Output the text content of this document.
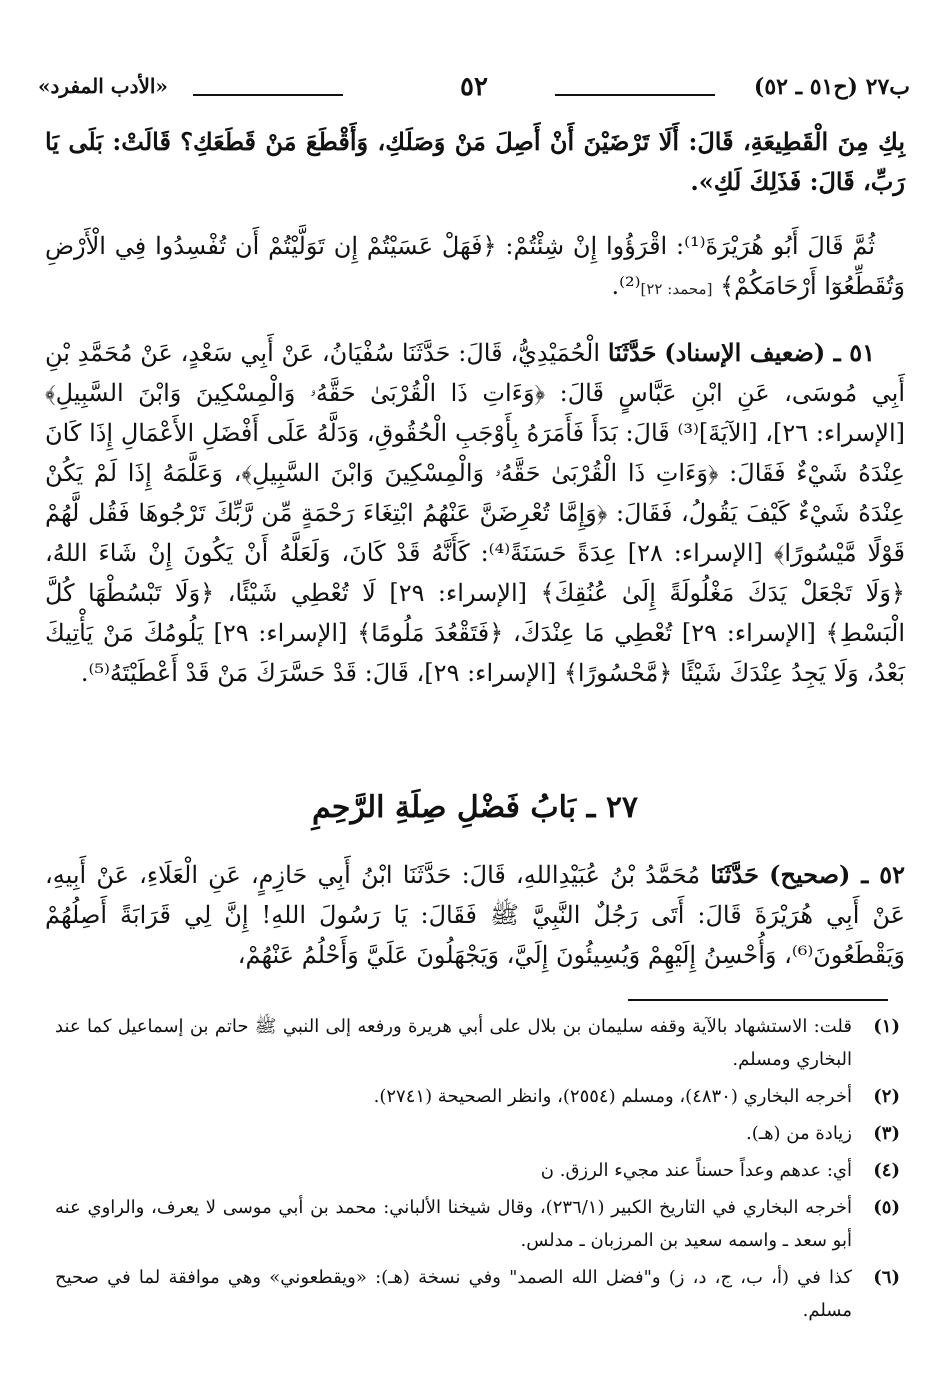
ب٢٧ (ح٥١ ـ ٥٢)
٥٢
«الأدب المفرد»

بِكِ مِنَ الْقَطِيعَةِ، قَالَ: أَلَا تَرْضَيْنَ أَنْ أَصِلَ مَنْ وَصَلَكِ، وَأَقْطَعَ مَنْ قَطَعَكِ؟ قَالَتْ: بَلَى يَا رَبِّ، قَالَ: فَذَلِكَ لَكِ».

ثُمَّ قَالَ أَبُو هُرَيْرَةَ⁽¹⁾: اقْرَؤُوا إِنْ شِئْتُمْ: ﴿فَهَلْ عَسَيْتُمْ إِن تَوَلَّيْتُمْ أَن تُفْسِدُوا فِي الْأَرْضِ وَتُقَطِّعُوٓا أَرْحَامَكُمْ﴾ [محمد: ٢٢]⁽²⁾.

٥١ ـ (ضعيف الإسناد) حَدَّثَنَا الْحُمَيْدِيُّ، قَالَ: حَدَّثَنَا سُفْيَانُ، عَنْ أَبِي سَعْدٍ، عَنْ مُحَمَّدِ بْنِ أَبِي مُوسَى، عَنِ ابْنِ عَبَّاسٍ قَالَ: ﴿وَءَاتِ ذَا الْقُرْبَىٰ حَقَّهُۥ وَالْمِسْكِينَ وَابْنَ السَّبِيلِ﴾ [الإسراء: ٢٦]، [الآيَةَ]⁽³⁾ قَالَ: بَدَأَ فَأَمَرَهُ بِأَوْجَبِ الْحُقُوقِ، وَدَلَّهُ عَلَى أَفْضَلِ الأَعْمَالِ إِذَا كَانَ عِنْدَهُ شَيْءٌ فَقَالَ: ﴿وَءَاتِ ذَا الْقُرْبَىٰ حَقَّهُۥ وَالْمِسْكِينَ وَابْنَ السَّبِيلِ﴾، وَعَلَّمَهُ إِذَا لَمْ يَكُنْ عِنْدَهُ شَيْءٌ كَيْفَ يَقُولُ، فَقَالَ: ﴿وَإِمَّا تُعْرِضَنَّ عَنْهُمُ ابْتِغَاءَ رَحْمَةٍ مِّن رَّبِّكَ تَرْجُوهَا فَقُل لَّهُمْ قَوْلًا مَّيْسُورًا﴾ [الإسراء: ٢٨] عِدَةً حَسَنَةً⁽⁴⁾: كَأَنَّهُ قَدْ كَانَ، وَلَعَلَّهُ أَنْ يَكُونَ إِنْ شَاءَ اللهُ، ﴿وَلَا تَجْعَلْ يَدَكَ مَغْلُولَةً إِلَىٰ عُنُقِكَ﴾ [الإسراء: ٢٩] لَا تُعْطِي شَيْئًا، ﴿وَلَا تَبْسُطْهَا كُلَّ الْبَسْطِ﴾ [الإسراء: ٢٩] تُعْطِي مَا عِنْدَكَ، ﴿فَتَقْعُدَ مَلُومًا﴾ [الإسراء: ٢٩] يَلُومُكَ مَنْ يَأْتِيكَ بَعْدُ، وَلَا يَجِدُ عِنْدَكَ شَيْئًا ﴿مَّحْسُورًا﴾ [الإسراء: ٢٩]، قَالَ: قَدْ حَسَّرَكَ مَنْ قَدْ أَعْطَيْتَهُ⁽⁵⁾.

٢٧ ـ بَابُ فَضْلِ صِلَةِ الرَّحِمِ
٥٢ ـ (صحيح) حَدَّثَنَا مُحَمَّدُ بْنُ عُبَيْدِاللهِ، قَالَ: حَدَّثَنَا ابْنُ أَبِي حَازِمٍ، عَنِ الْعَلَاءِ، عَنْ أَبِيهِ، عَنْ أَبِي هُرَيْرَةَ قَالَ: أَتَى رَجُلٌ النَّبِيَّ ﷺ فَقَالَ: يَا رَسُولَ اللهِ! إِنَّ لِي قَرَابَةً أَصِلُهُمْ وَيَقْطَعُونَ⁽⁶⁾، وَأُحْسِنُ إِلَيْهِمْ وَيُسِيئُونَ إِلَيَّ، وَيَجْهَلُونَ عَلَيَّ وَأَحْلُمُ عَنْهُمْ،
(١)
قلت: الاستشهاد بالآية وقفه سليمان بن بلال على أبي هريرة ورفعه إلى النبي ﷺ حاتم بن إسماعيل كما عند البخاري ومسلم.
(٢)
أخرجه البخاري (٤٨٣٠)، ومسلم (٢٥٥٤)، وانظر الصحيحة (٢٧٤١).
(٣)
زيادة من (هـ).
(٤)
أي: عدهم وعداً حسناً عند مجيء الرزق. ن
(٥)
أخرجه البخاري في التاريخ الكبير (٢٣٦/١)، وقال شيخنا الألباني: محمد بن أبي موسى لا يعرف، والراوي عنه أبو سعد ـ واسمه سعيد بن المرزبان ـ مدلس.
(٦)
كذا في (أ، ب، ج، د، ز) و"فضل الله الصمد" وفي نسخة (هـ): «ويقطعوني» وهي موافقة لما في صحيح مسلم.
